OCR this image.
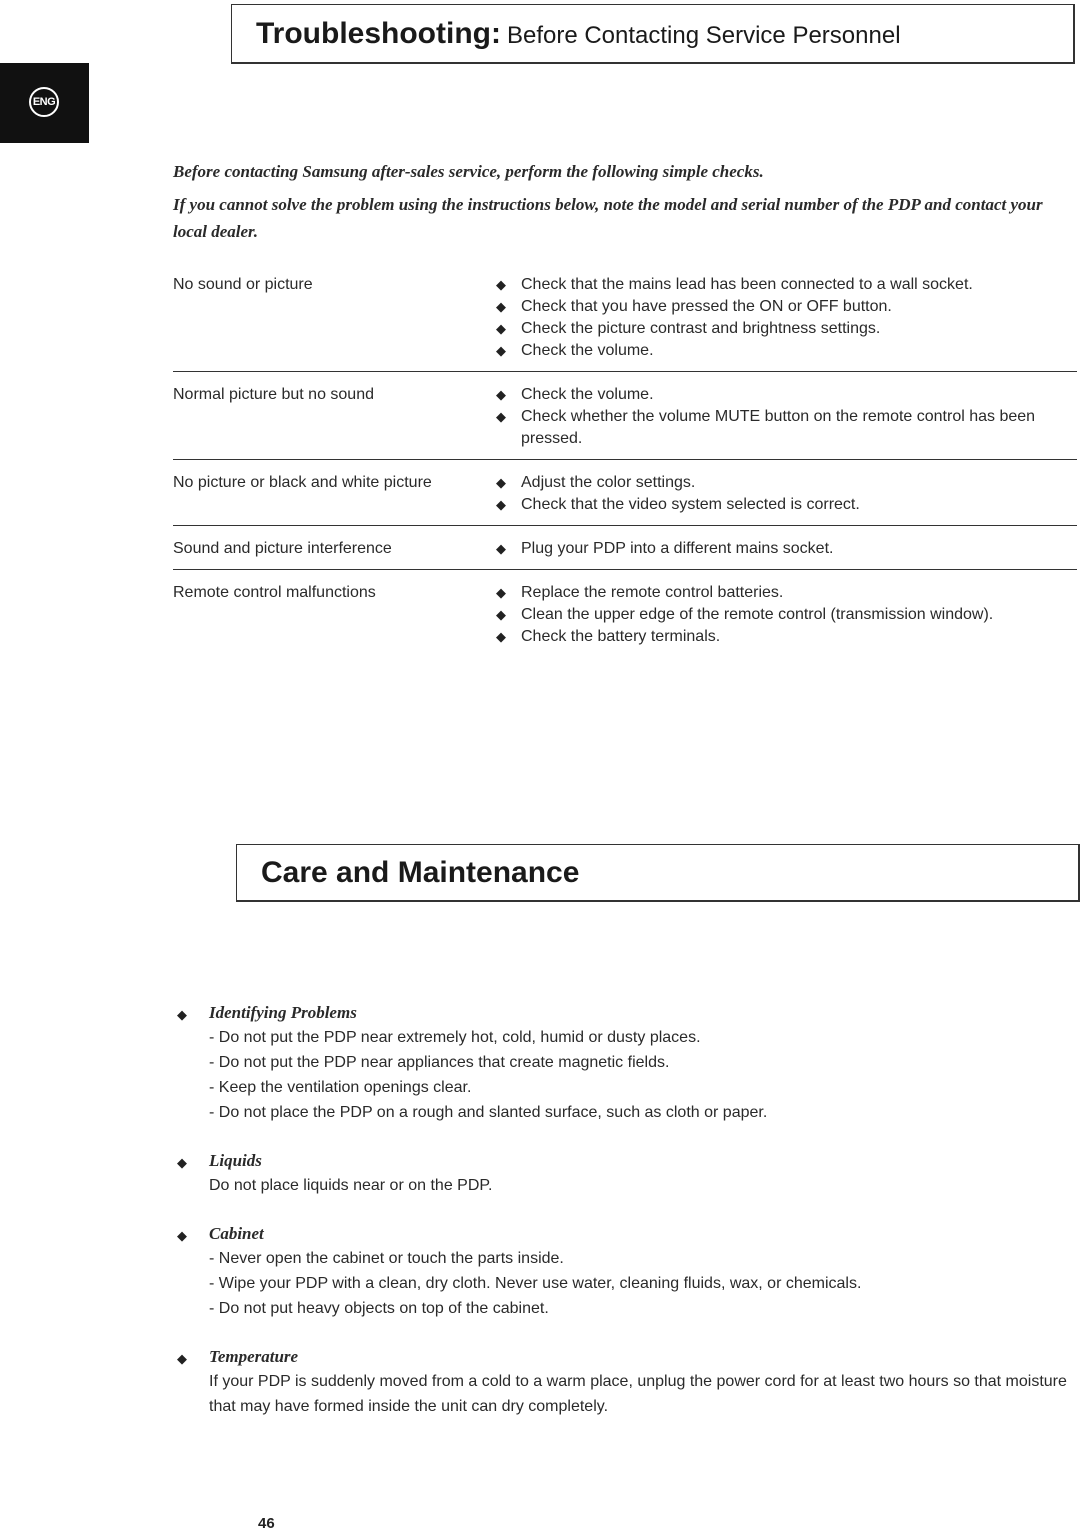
ENG
Troubleshooting: Before Contacting Service Personnel
Before contacting Samsung after-sales service, perform the following simple checks.
If you cannot solve the problem using the instructions below, note the model and serial number of the PDP and contact your local dealer.
No sound or picture	◆ Check that the mains lead has been connected to a wall socket.
◆ Check that you have pressed the ON or OFF button.
◆ Check the picture contrast and brightness settings.
◆ Check the volume.
Normal picture but no sound	◆ Check the volume.
◆ Check whether the volume MUTE button on the remote control has been pressed.
No picture or black and white picture	◆ Adjust the color settings.
◆ Check that the video system selected is correct.
Sound and picture interference	◆ Plug your PDP into a different mains socket.
Remote control malfunctions	◆ Replace the remote control batteries.
◆ Clean the upper edge of the remote control (transmission window).
◆ Check the battery terminals.
Care and Maintenance
◆ Identifying Problems
- Do not put the PDP near extremely hot, cold, humid or dusty places.
- Do not put the PDP near appliances that create magnetic fields.
- Keep the ventilation openings clear.
- Do not place the PDP on a rough and slanted surface, such as cloth or paper.
◆ Liquids
Do not place liquids near or on the PDP.
◆ Cabinet
- Never open the cabinet or touch the parts inside.
- Wipe your PDP with a clean, dry cloth. Never use water, cleaning fluids, wax, or chemicals.
- Do not put heavy objects on top of the cabinet.
◆ Temperature
If your PDP is suddenly moved from a cold to a warm place, unplug the power cord for at least two hours so that moisture that may have formed inside the unit can dry completely.
46
